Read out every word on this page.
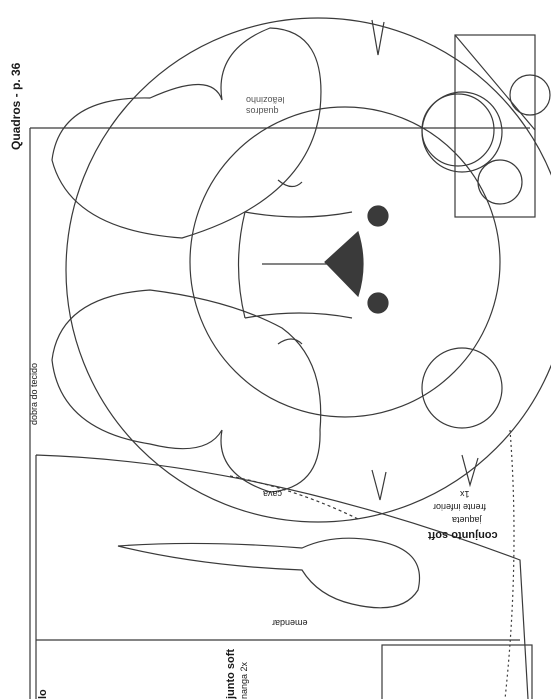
Quadros - p. 36
dobra do tecido
lo	junto soft nanga 2x
emendar
cava
quadros
leãozinho
conjunto soft
jaqueta
frente inferior
1x
